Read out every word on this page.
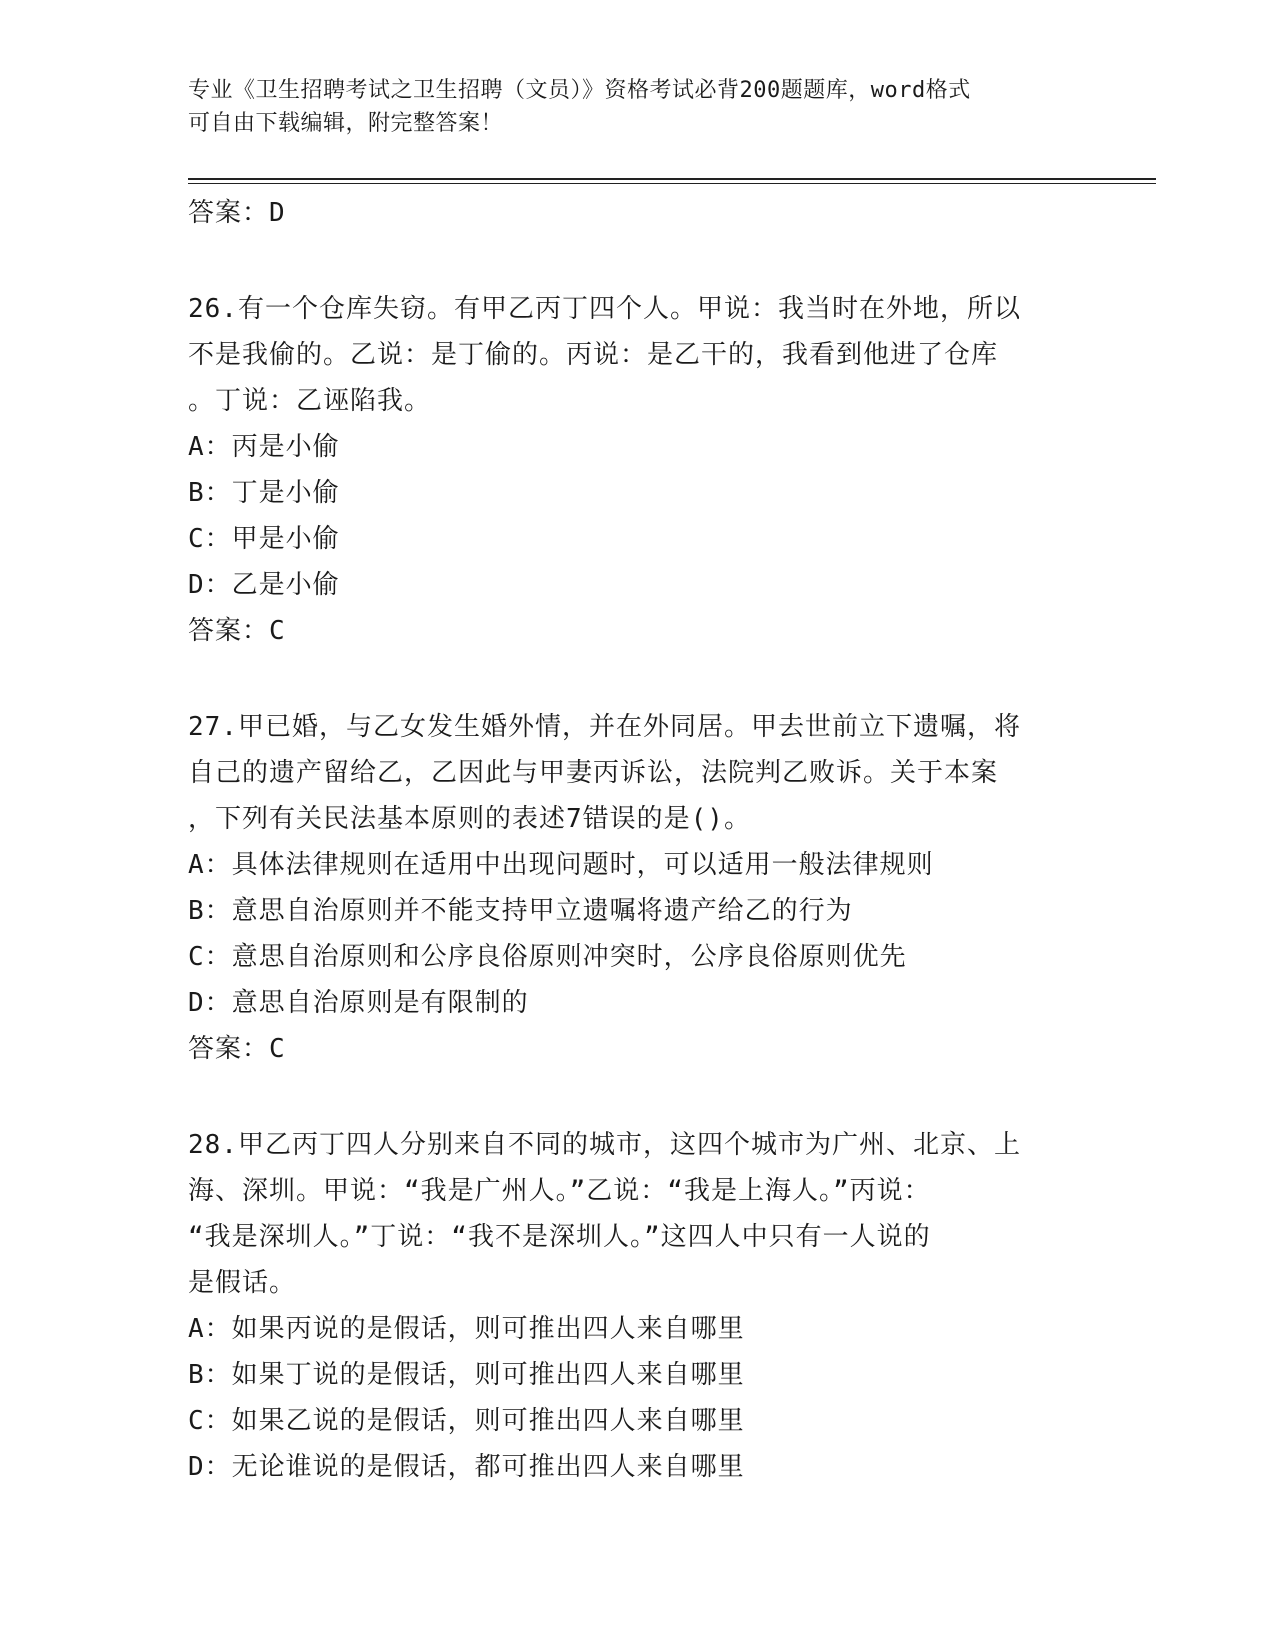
专业《卫生招聘考试之卫生招聘（文员）》资格考试必背200题题库，word格式
可自由下载编辑，附完整答案！
答案：D
26.有一个仓库失窃。有甲乙丙丁四个人。甲说：我当时在外地，所以
不是我偷的。乙说：是丁偷的。丙说：是乙干的，我看到他进了仓库
。丁说：乙诬陷我。
A：丙是小偷
B：丁是小偷
C：甲是小偷
D：乙是小偷
答案：C
27.甲已婚，与乙女发生婚外情，并在外同居。甲去世前立下遗嘱，将
自己的遗产留给乙，乙因此与甲妻丙诉讼，法院判乙败诉。关于本案
，下列有关民法基本原则的表述7错误的是()。
A：具体法律规则在适用中出现问题时，可以适用一般法律规则
B：意思自治原则并不能支持甲立遗嘱将遗产给乙的行为
C：意思自治原则和公序良俗原则冲突时，公序良俗原则优先
D：意思自治原则是有限制的
答案：C
28.甲乙丙丁四人分别来自不同的城市，这四个城市为广州、北京、上
海、深圳。甲说：“我是广州人。”乙说：“我是上海人。”丙说：
“我是深圳人。”丁说：“我不是深圳人。”这四人中只有一人说的
是假话。
A：如果丙说的是假话，则可推出四人来自哪里
B：如果丁说的是假话，则可推出四人来自哪里
C：如果乙说的是假话，则可推出四人来自哪里
D：无论谁说的是假话，都可推出四人来自哪里
